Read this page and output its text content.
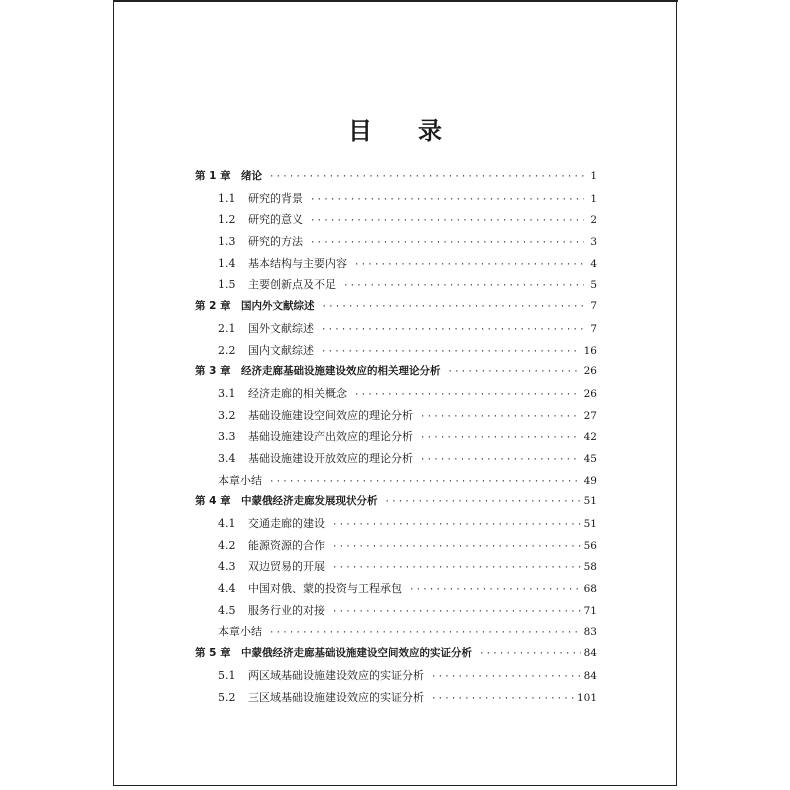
目 录
第 1 章 绪论 ·····	1
1.1	研究的背景 ·····	1
1.2	研究的意义 ·····	2
1.3	研究的方法 ·····	3
1.4	基本结构与主要内容 ·····	4
1.5	主要创新点及不足 ·····	5
第 2 章 国内外文献综述 ·····	7
2.1	国外文献综述 ·····	7
2.2	国内文献综述 ·····	16
第 3 章 经济走廊基础设施建设效应的相关理论分析 ·····	26
3.1	经济走廊的相关概念 ·····	26
3.2	基础设施建设空间效应的理论分析 ·····	27
3.3	基础设施建设产出效应的理论分析 ·····	42
3.4	基础设施建设开放效应的理论分析 ·····	45
本章小结 ·····	49
第 4 章 中蒙俄经济走廊发展现状分析 ·····	51
4.1	交通走廊的建设 ·····	51
4.2	能源资源的合作 ·····	56
4.3	双边贸易的开展 ·····	58
4.4	中国对俄、蒙的投资与工程承包 ·····	68
4.5	服务行业的对接 ·····	71
本章小结 ·····	83
第 5 章 中蒙俄经济走廊基础设施建设空间效应的实证分析 ·····	84
5.1	两区域基础设施建设效应的实证分析 ·····	84
5.2	三区域基础设施建设效应的实证分析 ·····	101
